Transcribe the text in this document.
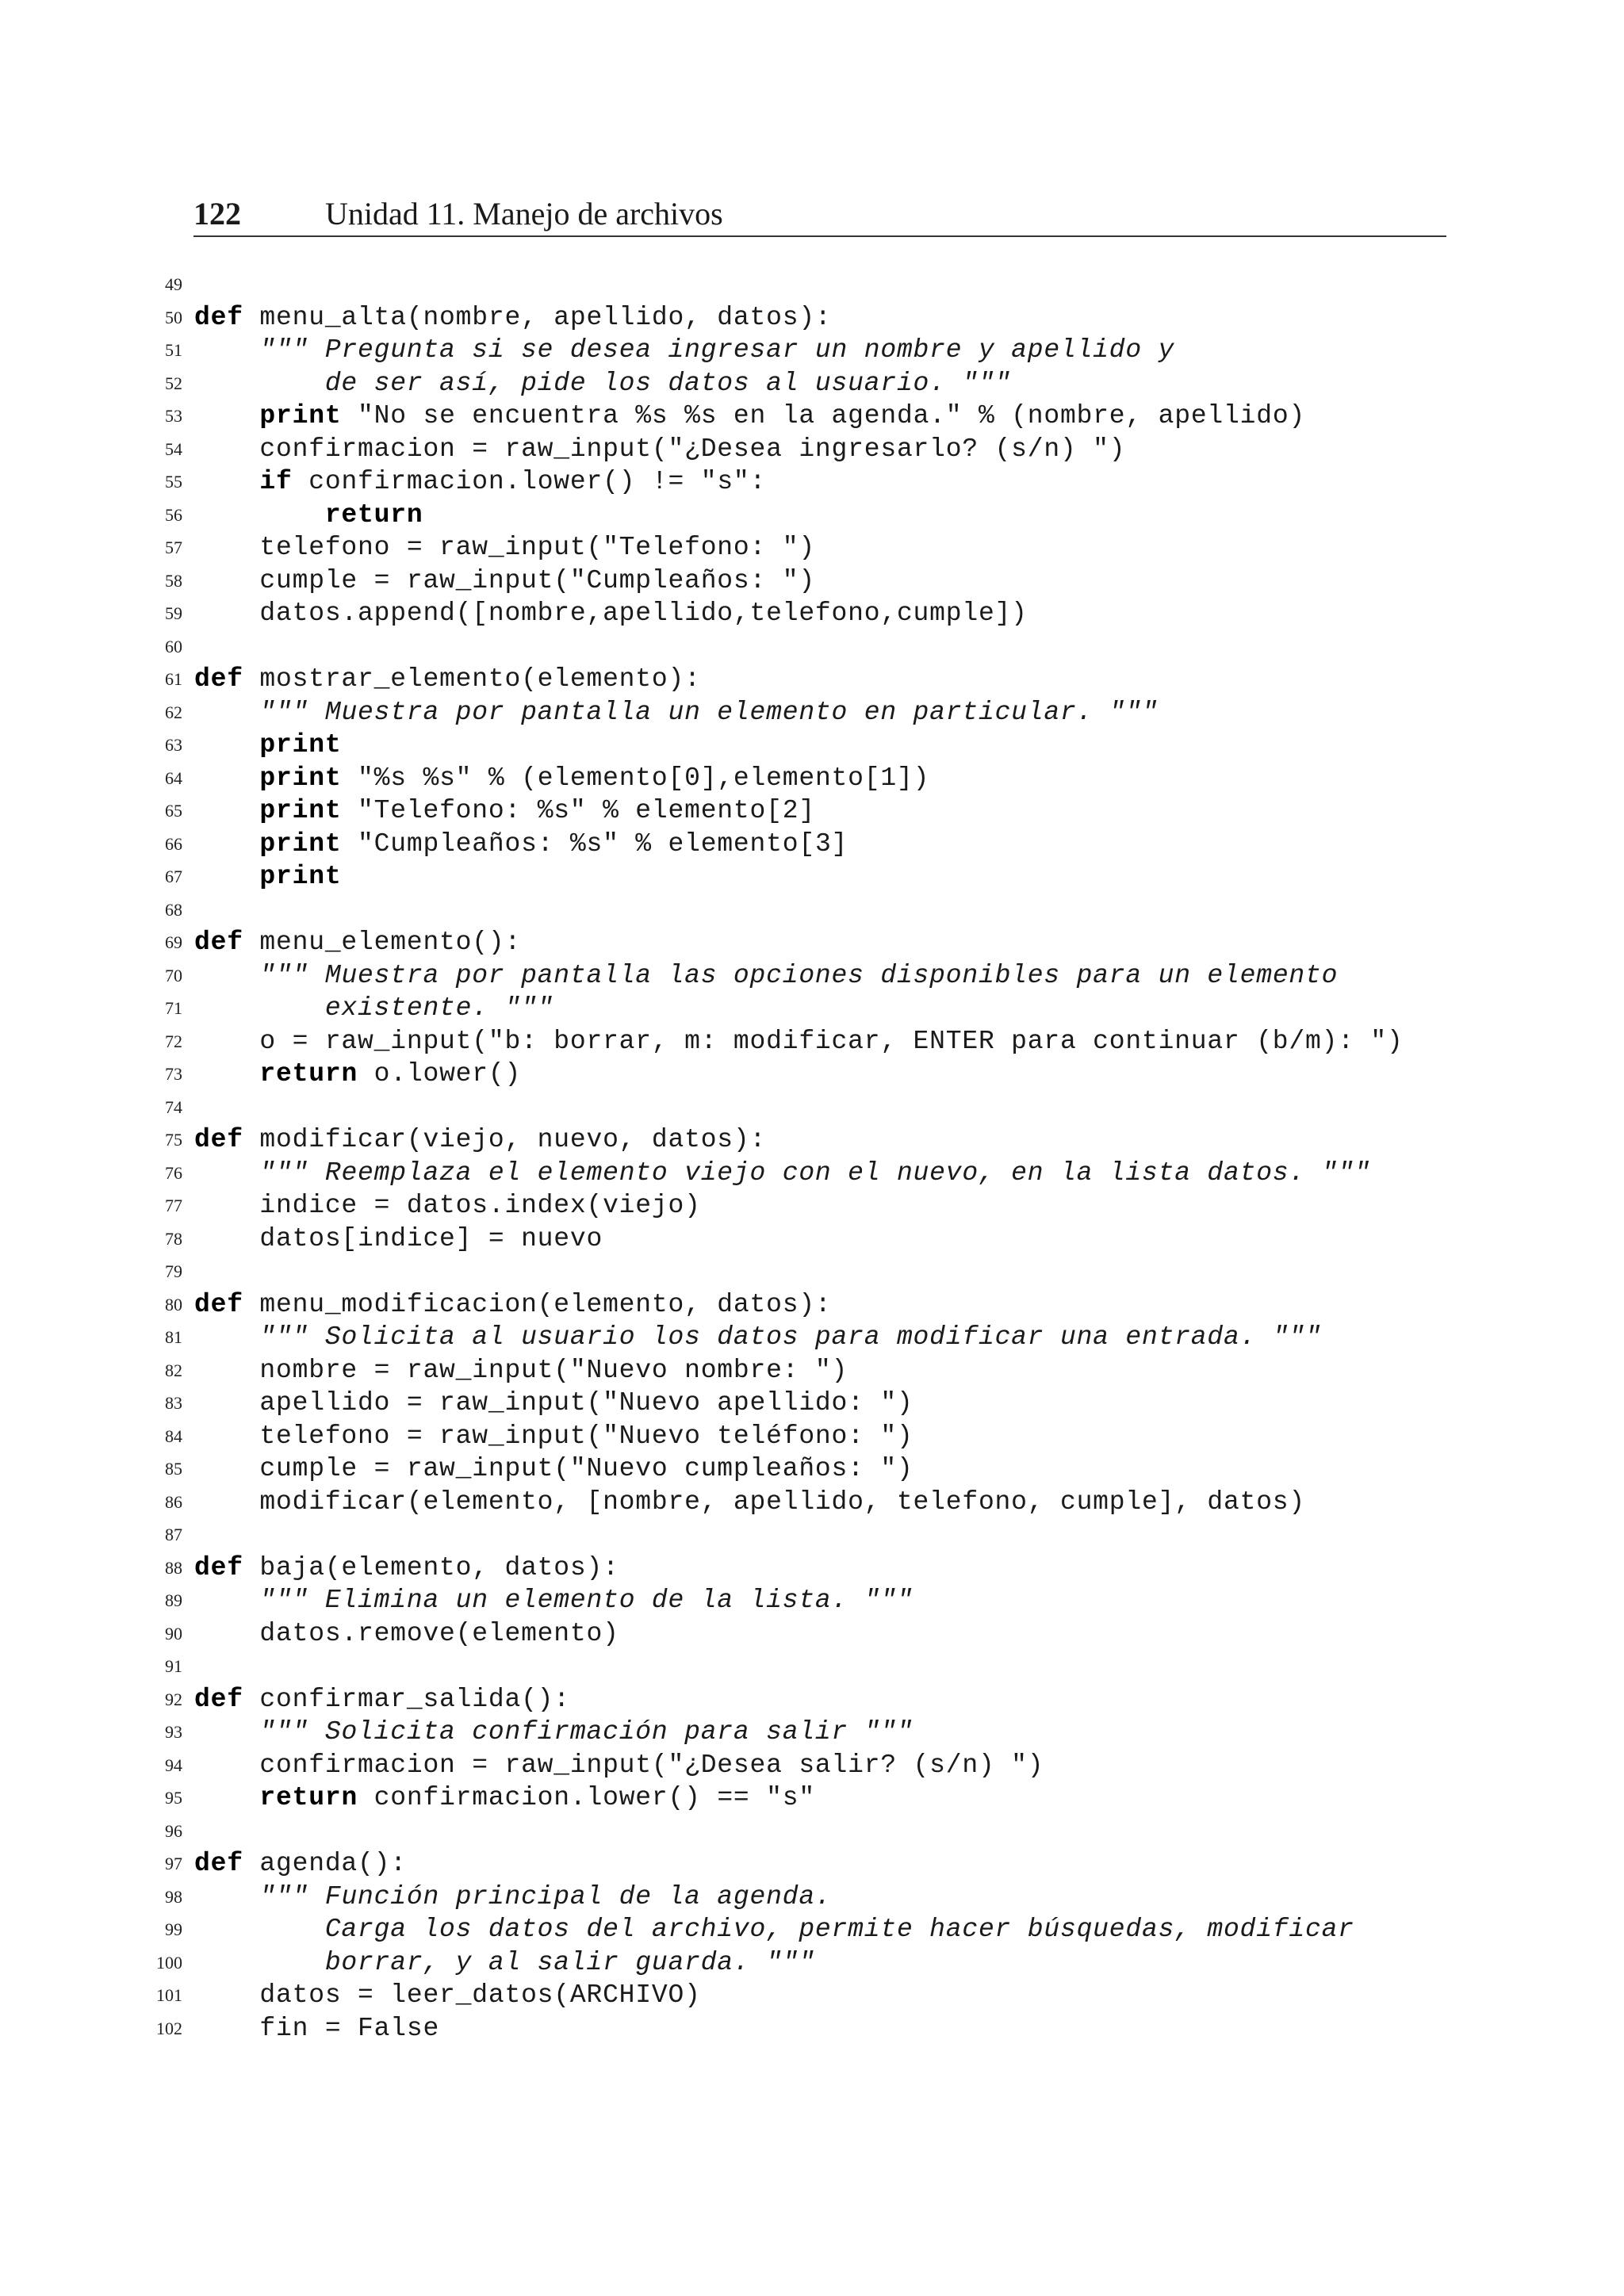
122	Unidad 11. Manejo de archivos
49
50 def menu_alta(nombre, apellido, datos):
51	""" Pregunta si se desea ingresar un nombre y apellido y
52 de ser así, pide los datos al usuario. """
53	print "No se encuentra %s %s en la agenda." % (nombre, apellido)
54 confirmacion = raw_input("¿Desea ingresarlo? (s/n) ")
55	if confirmacion.lower() != "s":
56	return
57 telefono = raw_input("Telefono: ")
58 cumple = raw_input("Cumpleaños: ")
59 datos.append([nombre,apellido,telefono,cumple])
60
61 def mostrar_elemento(elemento):
62	""" Muestra por pantalla un elemento en particular. """
63	print
64	print "%s %s" % (elemento[0],elemento[1])
65	print "Telefono: %s" % elemento[2]
66	print "Cumpleaños: %s" % elemento[3]
67	print
68
69 def menu_elemento():
70	""" Muestra por pantalla las opciones disponibles para un elemento
71 existente. """
72 o = raw_input("b: borrar, m: modificar, ENTER para continuar (b/m): ")
73	return o.lower()
74
75 def modificar(viejo, nuevo, datos):
76	""" Reemplaza el elemento viejo con el nuevo, en la lista datos. """
77 indice = datos.index(viejo)
78 datos[indice] = nuevo
79
80 def menu_modificacion(elemento, datos):
81	""" Solicita al usuario los datos para modificar una entrada. """
82 nombre = raw_input("Nuevo nombre: ")
83 apellido = raw_input("Nuevo apellido: ")
84 telefono = raw_input("Nuevo teléfono: ")
85 cumple = raw_input("Nuevo cumpleaños: ")
86 modificar(elemento, [nombre, apellido, telefono, cumple], datos)
87
88 def baja(elemento, datos):
89	""" Elimina un elemento de la lista. """
90 datos.remove(elemento)
91
92 def confirmar_salida():
93	""" Solicita confirmación para salir """
94 confirmacion = raw_input("¿Desea salir? (s/n) ")
95	return confirmacion.lower() == "s"
96
97 def agenda():
98	""" Función principal de la agenda.
99 Carga los datos del archivo, permite hacer búsquedas, modificar
100 borrar, y al salir guarda. """
101 datos = leer_datos(ARCHIVO)
102 fin = False
